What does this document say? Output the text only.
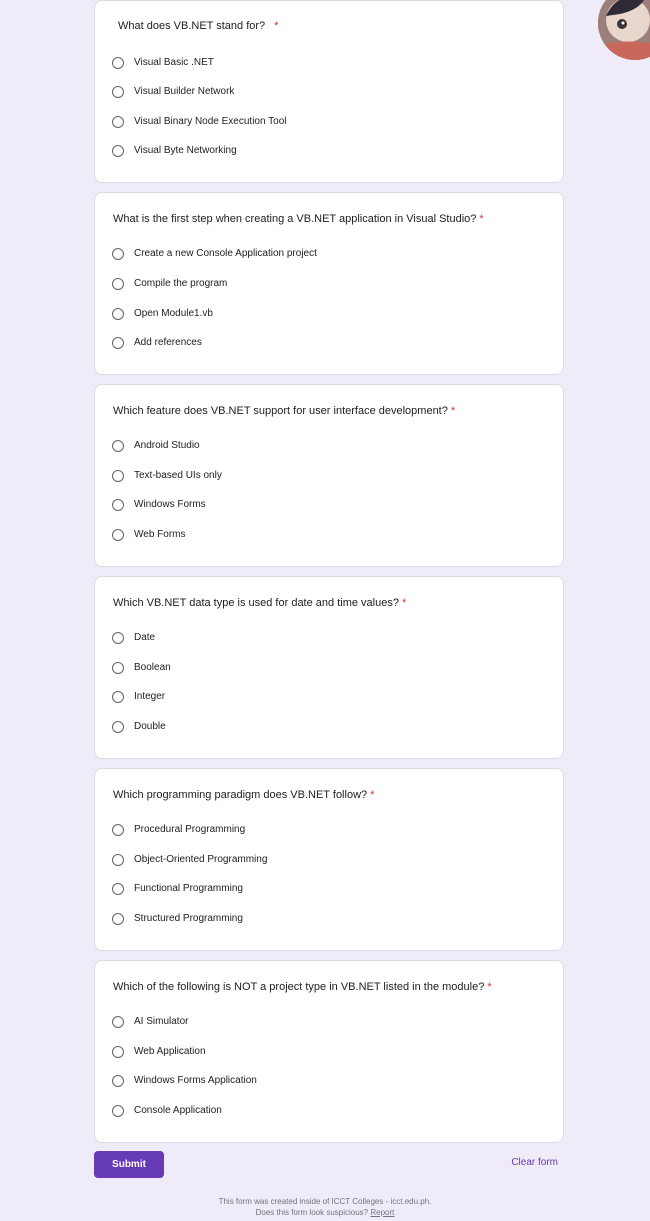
What does VB.NET stand for? *
Visual Basic .NET
Visual Builder Network
Visual Binary Node Execution Tool
Visual Byte Networking
What is the first step when creating a VB.NET application in Visual Studio? *
Create a new Console Application project
Compile the program
Open Module1.vb
Add references
Which feature does VB.NET support for user interface development? *
Android Studio
Text-based UIs only
Windows Forms
Web Forms
Which VB.NET data type is used for date and time values? *
Date
Boolean
Integer
Double
Which programming paradigm does VB.NET follow? *
Procedural Programming
Object-Oriented Programming
Functional Programming
Structured Programming
Which of the following is NOT a project type in VB.NET listed in the module? *
AI Simulator
Web Application
Windows Forms Application
Console Application
Submit	Clear form
This form was created inside of ICCT Colleges - icct.edu.ph.
Does this form look suspicious? Report
